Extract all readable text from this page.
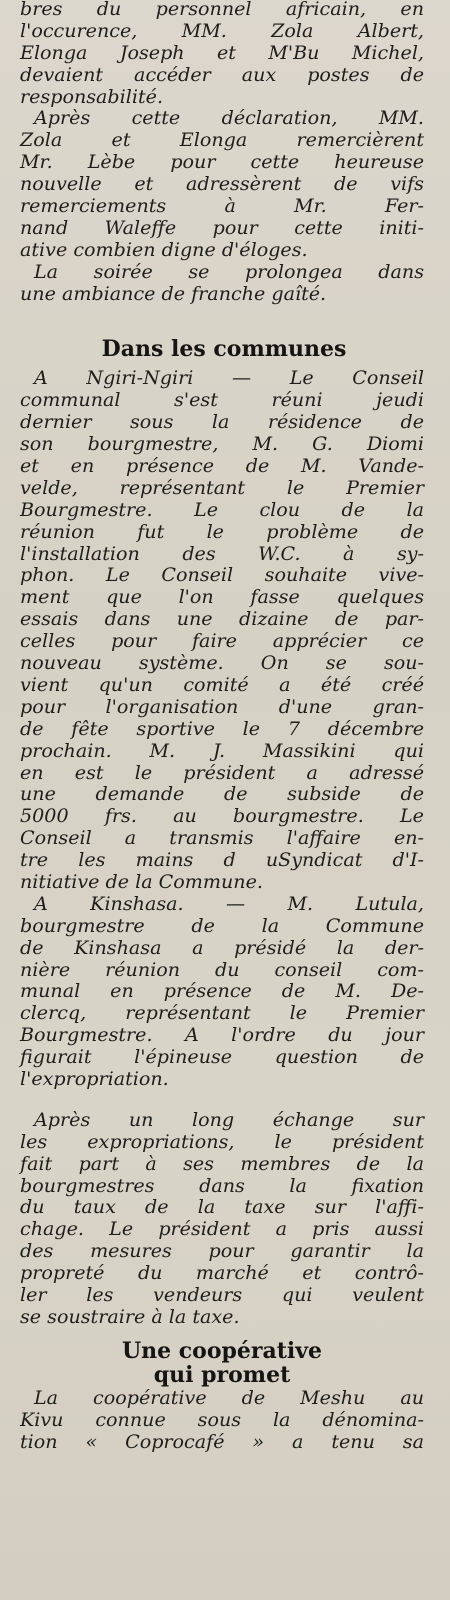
bres du personnel africain, en
l'occurence, MM. Zola Albert,
Elonga Joseph et M'Bu Michel,
devaient accéder aux postes de
responsabilité.
Après cette déclaration, MM.
Zola et Elonga remercièrent
Mr. Lèbe pour cette heureuse
nouvelle et adressèrent de vifs
remerciements à Mr. Fer-
nand Waleffe pour cette initi-
ative combien digne d'éloges.
La soirée se prolongea dans
une ambiance de franche gaîté.
Dans les communes
A Ngiri-Ngiri — Le Conseil
communal s'est réuni jeudi
dernier sous la résidence de
son bourgmestre, M. G. Diomi
et en présence de M. Vande-
velde, représentant le Premier
Bourgmestre. Le clou de la
réunion fut le problème de
l'installation des W.C. à sy-
phon. Le Conseil souhaite vive-
ment que l'on fasse quelques
essais dans une dizaine de par-
celles pour faire apprécier ce
nouveau système. On se sou-
vient qu'un comité a été créé
pour l'organisation d'une gran-
de fête sportive le 7 décembre
prochain. M. J. Massikini qui
en est le président a adressé
une demande de subside de
5000 frs. au bourgmestre. Le
Conseil a transmis l'affaire en-
tre les mains d uSyndicat d'I-
nitiative de la Commune.
A Kinshasa. — M. Lutula,
bourgmestre de la Commune
de Kinshasa a présidé la der-
nière réunion du conseil com-
munal en présence de M. De-
clercq, représentant le Premier
Bourgmestre. A l'ordre du jour
figurait l'épineuse question de
l'expropriation.
Après un long échange sur
les expropriations, le président
fait part à ses membres de la
bourgmestres dans la fixation
du taux de la taxe sur l'affi-
chage. Le président a pris aussi
des mesures pour garantir la
propreté du marché et contrô-
ler les vendeurs qui veulent
se soustraire à la taxe.
Une coopérative
qui promet
La coopérative de Meshu au
Kivu connue sous la dénomina-
tion « Coprocafé » a tenu sa
